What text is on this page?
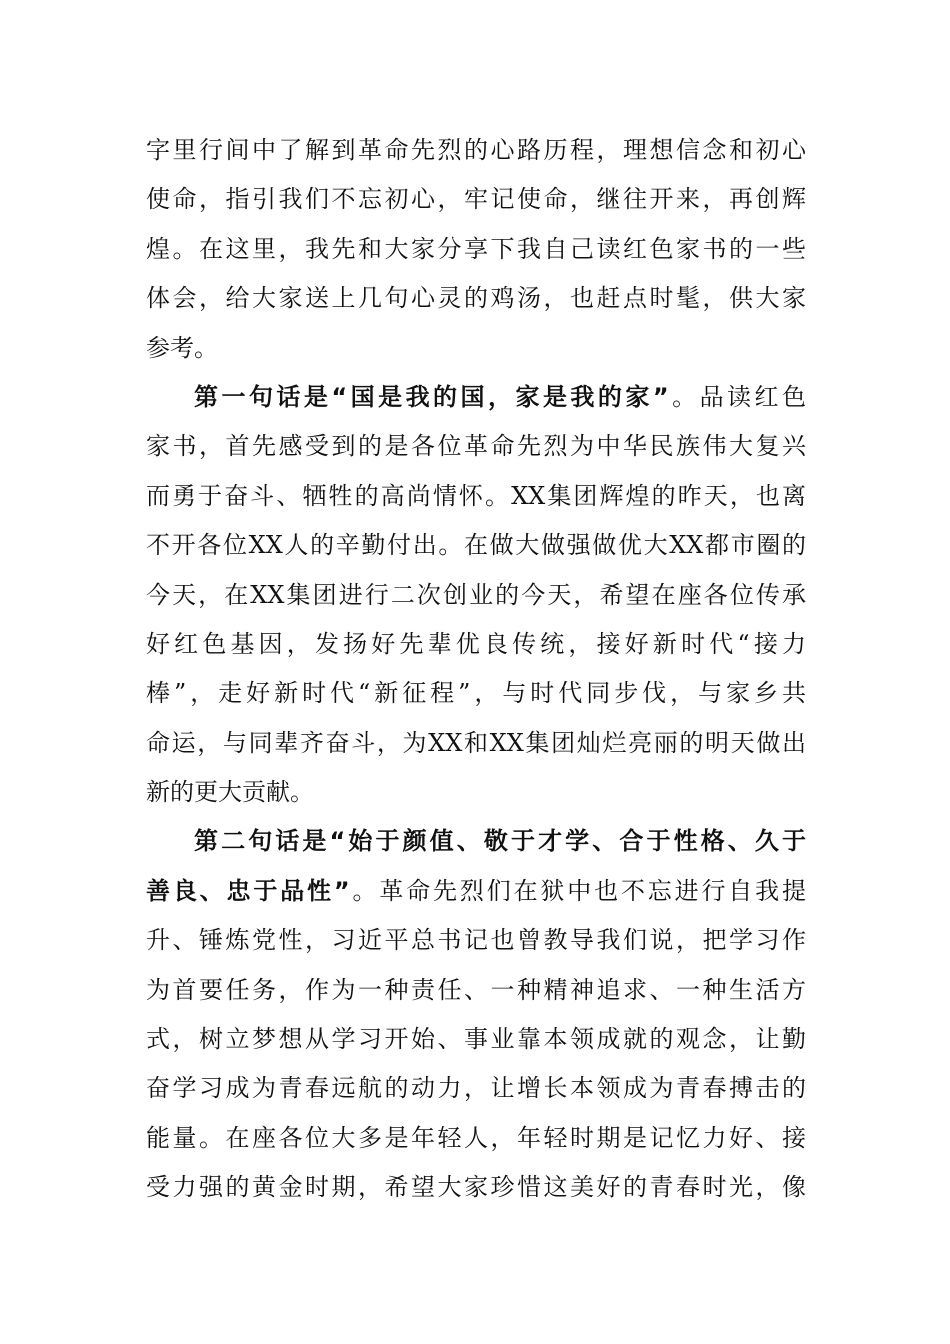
字里行间中了解到革命先烈的心路历程，理想信念和初心
使命，指引我们不忘初心，牢记使命，继往开来，再创辉
煌。在这里，我先和大家分享下我自己读红色家书的一些
体会，给大家送上几句心灵的鸡汤，也赶点时髦，供大家
参考。
第一句话是“国是我的国，家是我的家”。品读红色
家书，首先感受到的是各位革命先烈为中华民族伟大复兴
而勇于奋斗、牺牲的高尚情怀。XX集团辉煌的昨天，也离
不开各位XX人的辛勤付出。在做大做强做优大XX都市圈的
今天，在XX集团进行二次创业的今天，希望在座各位传承
好红色基因，发扬好先辈优良传统，接好新时代“接力
棒”，走好新时代“新征程”，与时代同步伐，与家乡共
命运，与同辈齐奋斗，为XX和XX集团灿烂亮丽的明天做出
新的更大贡献。
第二句话是“始于颜值、敬于才学、合于性格、久于
善良、忠于品性”。革命先烈们在狱中也不忘进行自我提
升、锤炼党性，习近平总书记也曾教导我们说，把学习作
为首要任务，作为一种责任、一种精神追求、一种生活方
式，树立梦想从学习开始、事业靠本领成就的观念，让勤
奋学习成为青春远航的动力，让增长本领成为青春搏击的
能量。在座各位大多是年轻人，年轻时期是记忆力好、接
受力强的黄金时期，希望大家珍惜这美好的青春时光，像
